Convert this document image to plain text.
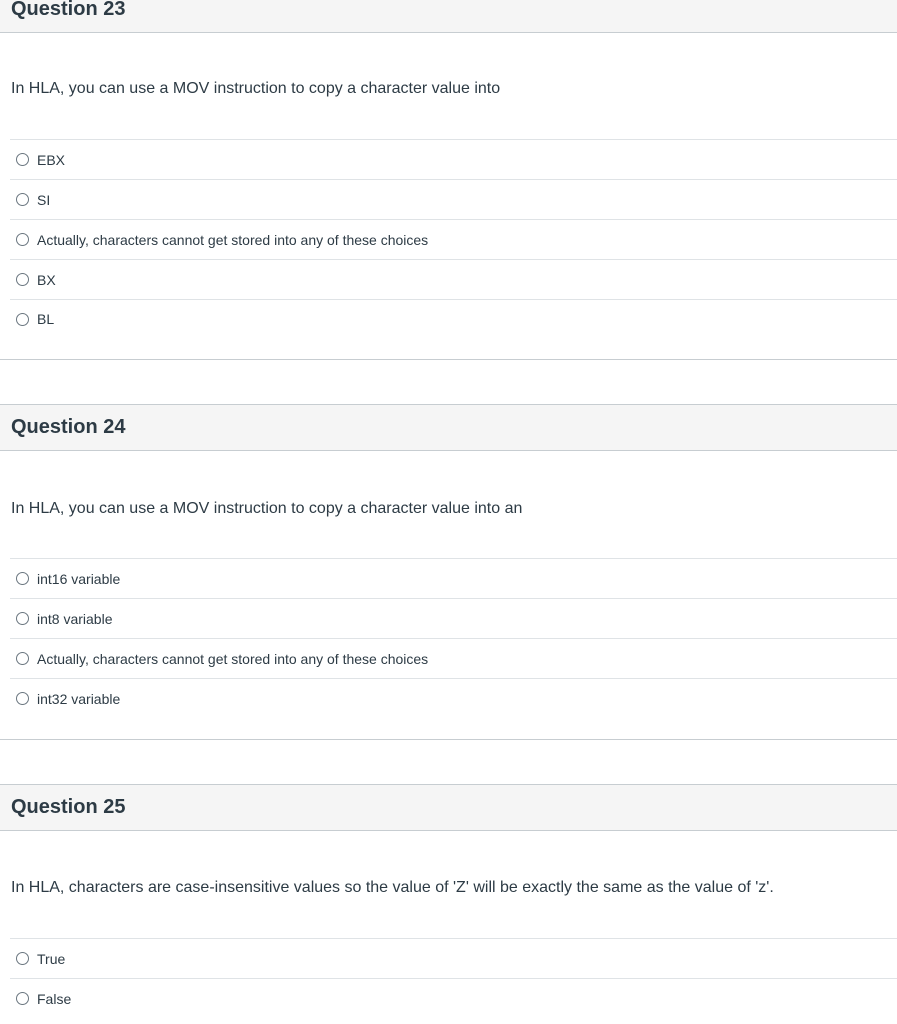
Question 23
In HLA, you can use a MOV instruction to copy a character value into
EBX
SI
Actually, characters cannot get stored into any of these choices
BX
BL
Question 24
In HLA, you can use a MOV instruction to copy a character value into an
int16 variable
int8 variable
Actually, characters cannot get stored into any of these choices
int32 variable
Question 25
In HLA, characters are case-insensitive values so the value of 'Z' will be exactly the same as the value of 'z'.
True
False
